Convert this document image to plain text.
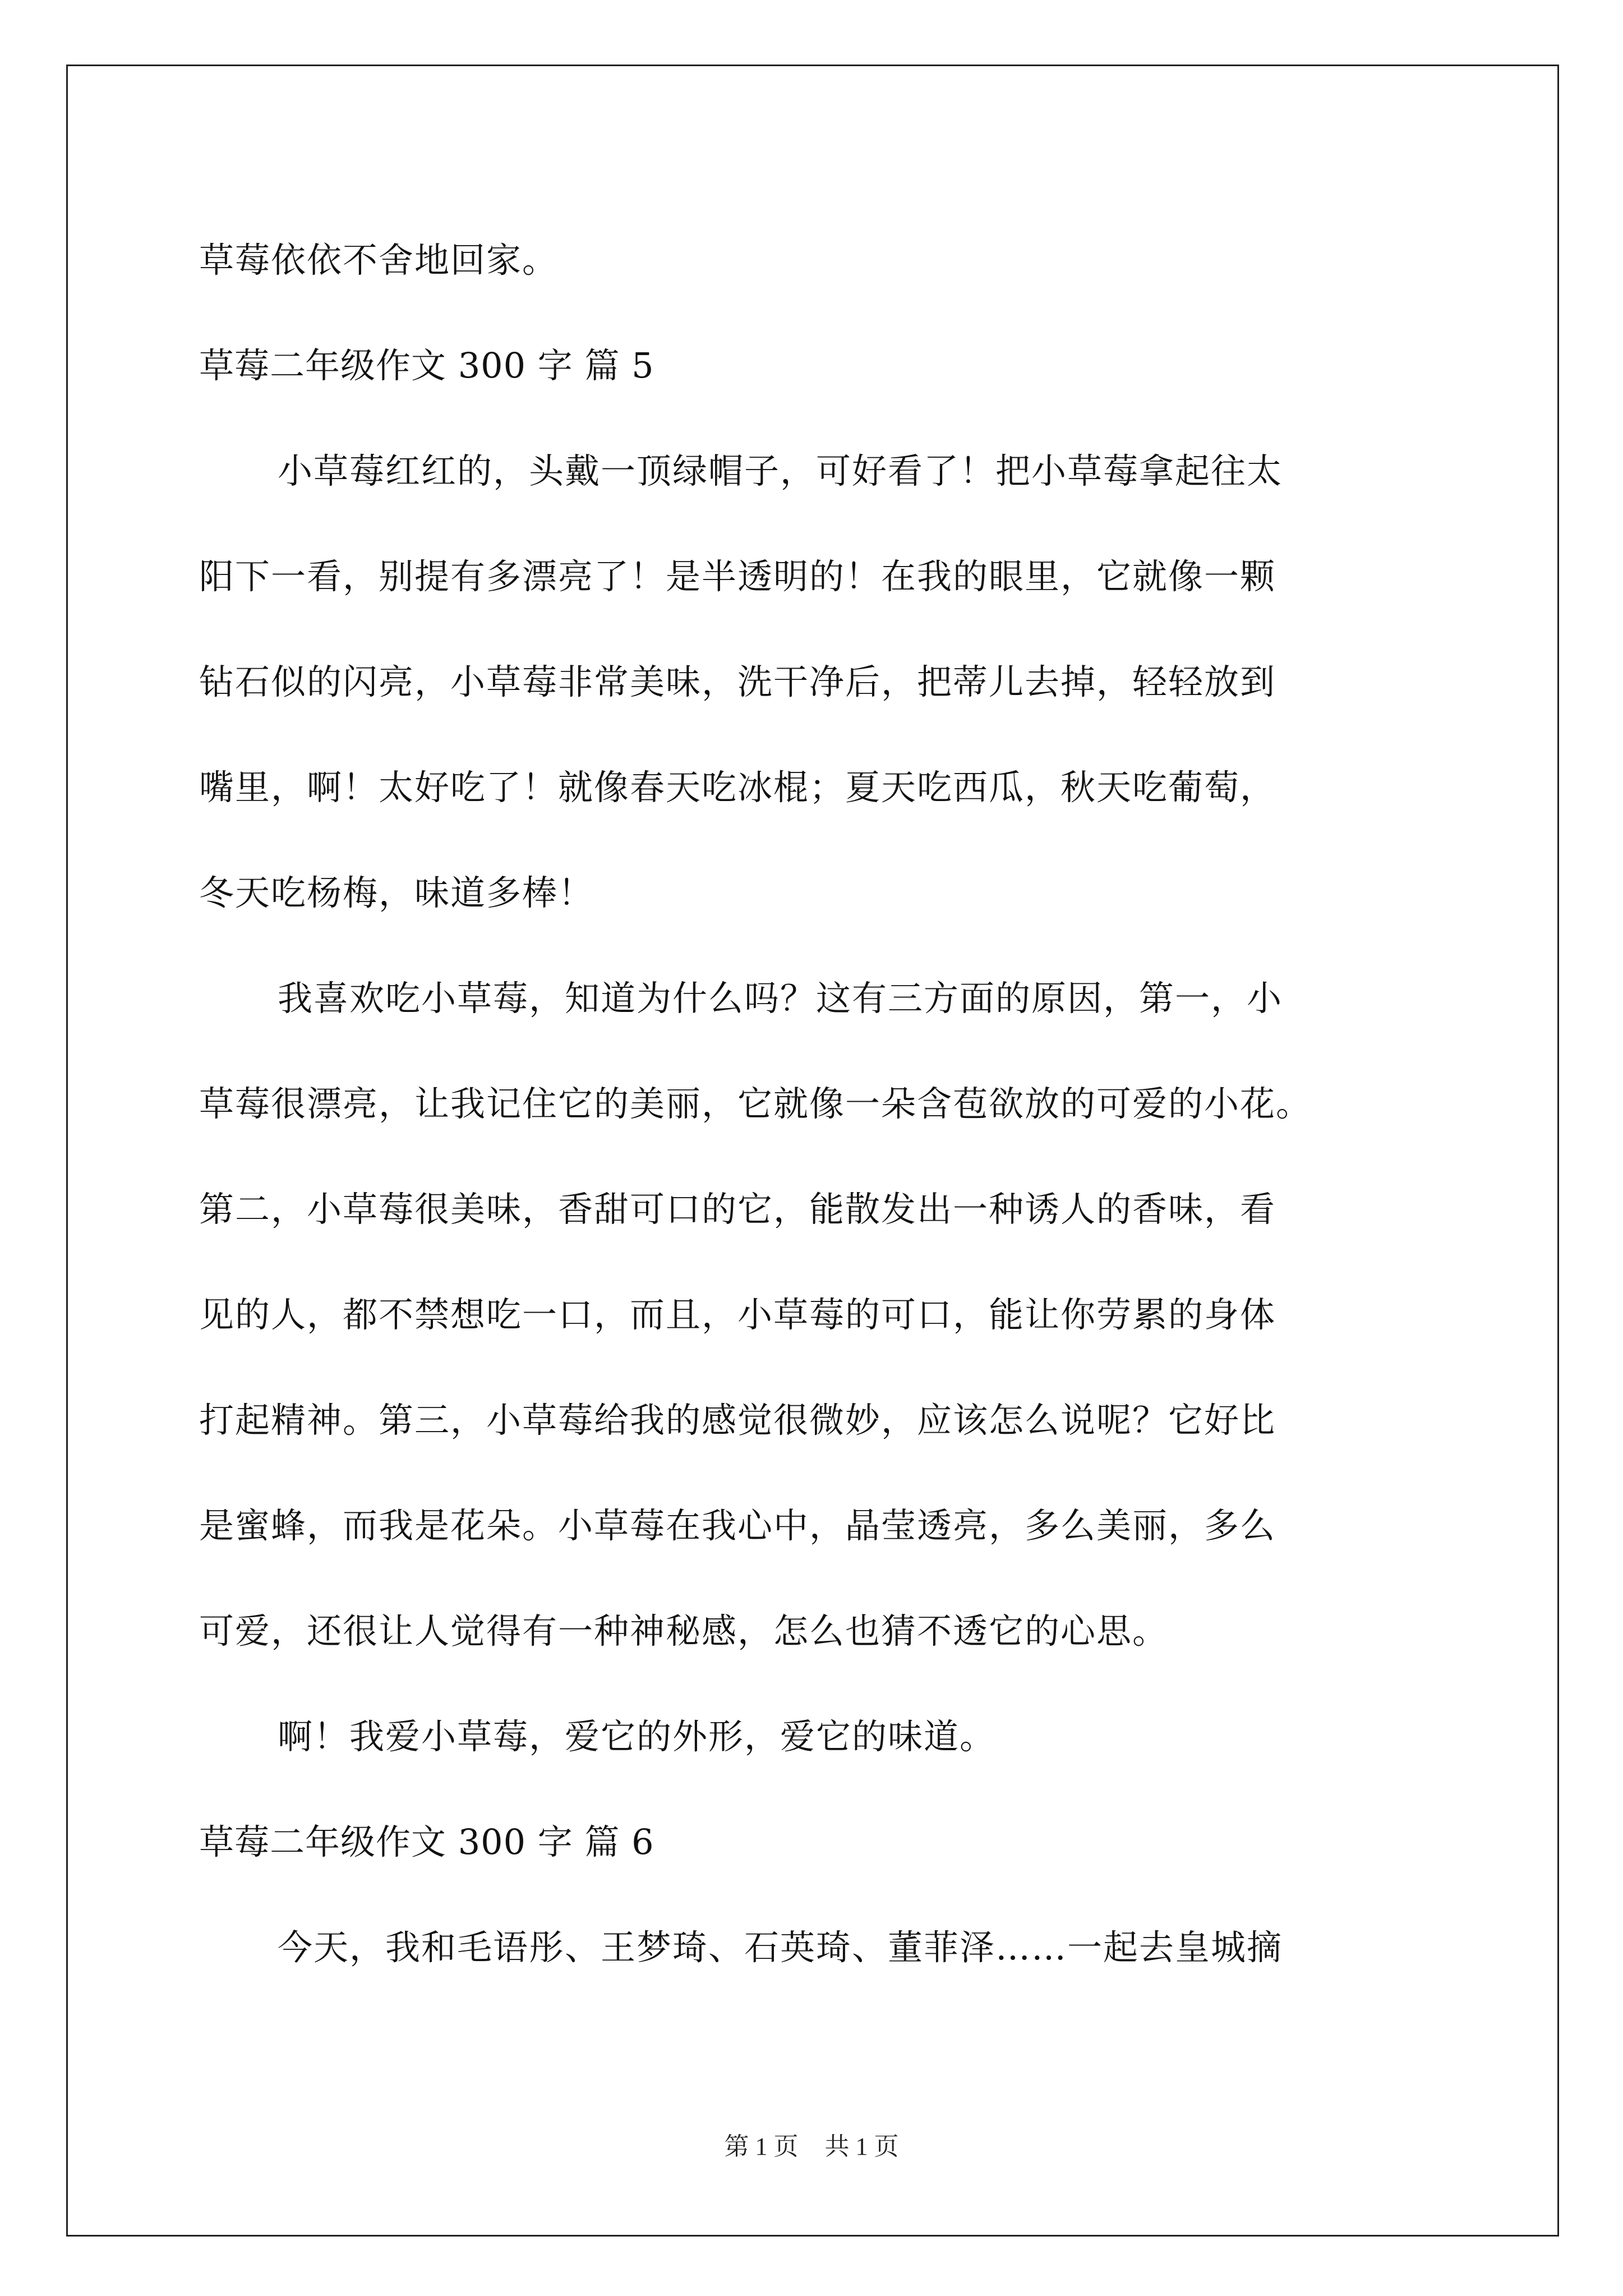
草莓依依不舍地回家。
草莓二年级作文 300 字 篇 5
小草莓红红的，头戴一顶绿帽子，可好看了！把小草莓拿起往太
阳下一看，别提有多漂亮了！是半透明的！在我的眼里，它就像一颗
钻石似的闪亮，小草莓非常美味，洗干净后，把蒂儿去掉，轻轻放到
嘴里，啊！太好吃了！就像春天吃冰棍；夏天吃西瓜，秋天吃葡萄，
冬天吃杨梅，味道多棒！
我喜欢吃小草莓，知道为什么吗？这有三方面的原因，第一，小
草莓很漂亮，让我记住它的美丽，它就像一朵含苞欲放的可爱的小花。
第二，小草莓很美味，香甜可口的它，能散发出一种诱人的香味，看
见的人，都不禁想吃一口，而且，小草莓的可口，能让你劳累的身体
打起精神。第三，小草莓给我的感觉很微妙，应该怎么说呢？它好比
是蜜蜂，而我是花朵。小草莓在我心中，晶莹透亮，多么美丽，多么
可爱，还很让人觉得有一种神秘感，怎么也猜不透它的心思。
啊！我爱小草莓，爱它的外形，爱它的味道。
草莓二年级作文 300 字 篇 6
今天，我和毛语彤、王梦琦、石英琦、董菲泽……一起去皇城摘
第 1 页 共 1 页
